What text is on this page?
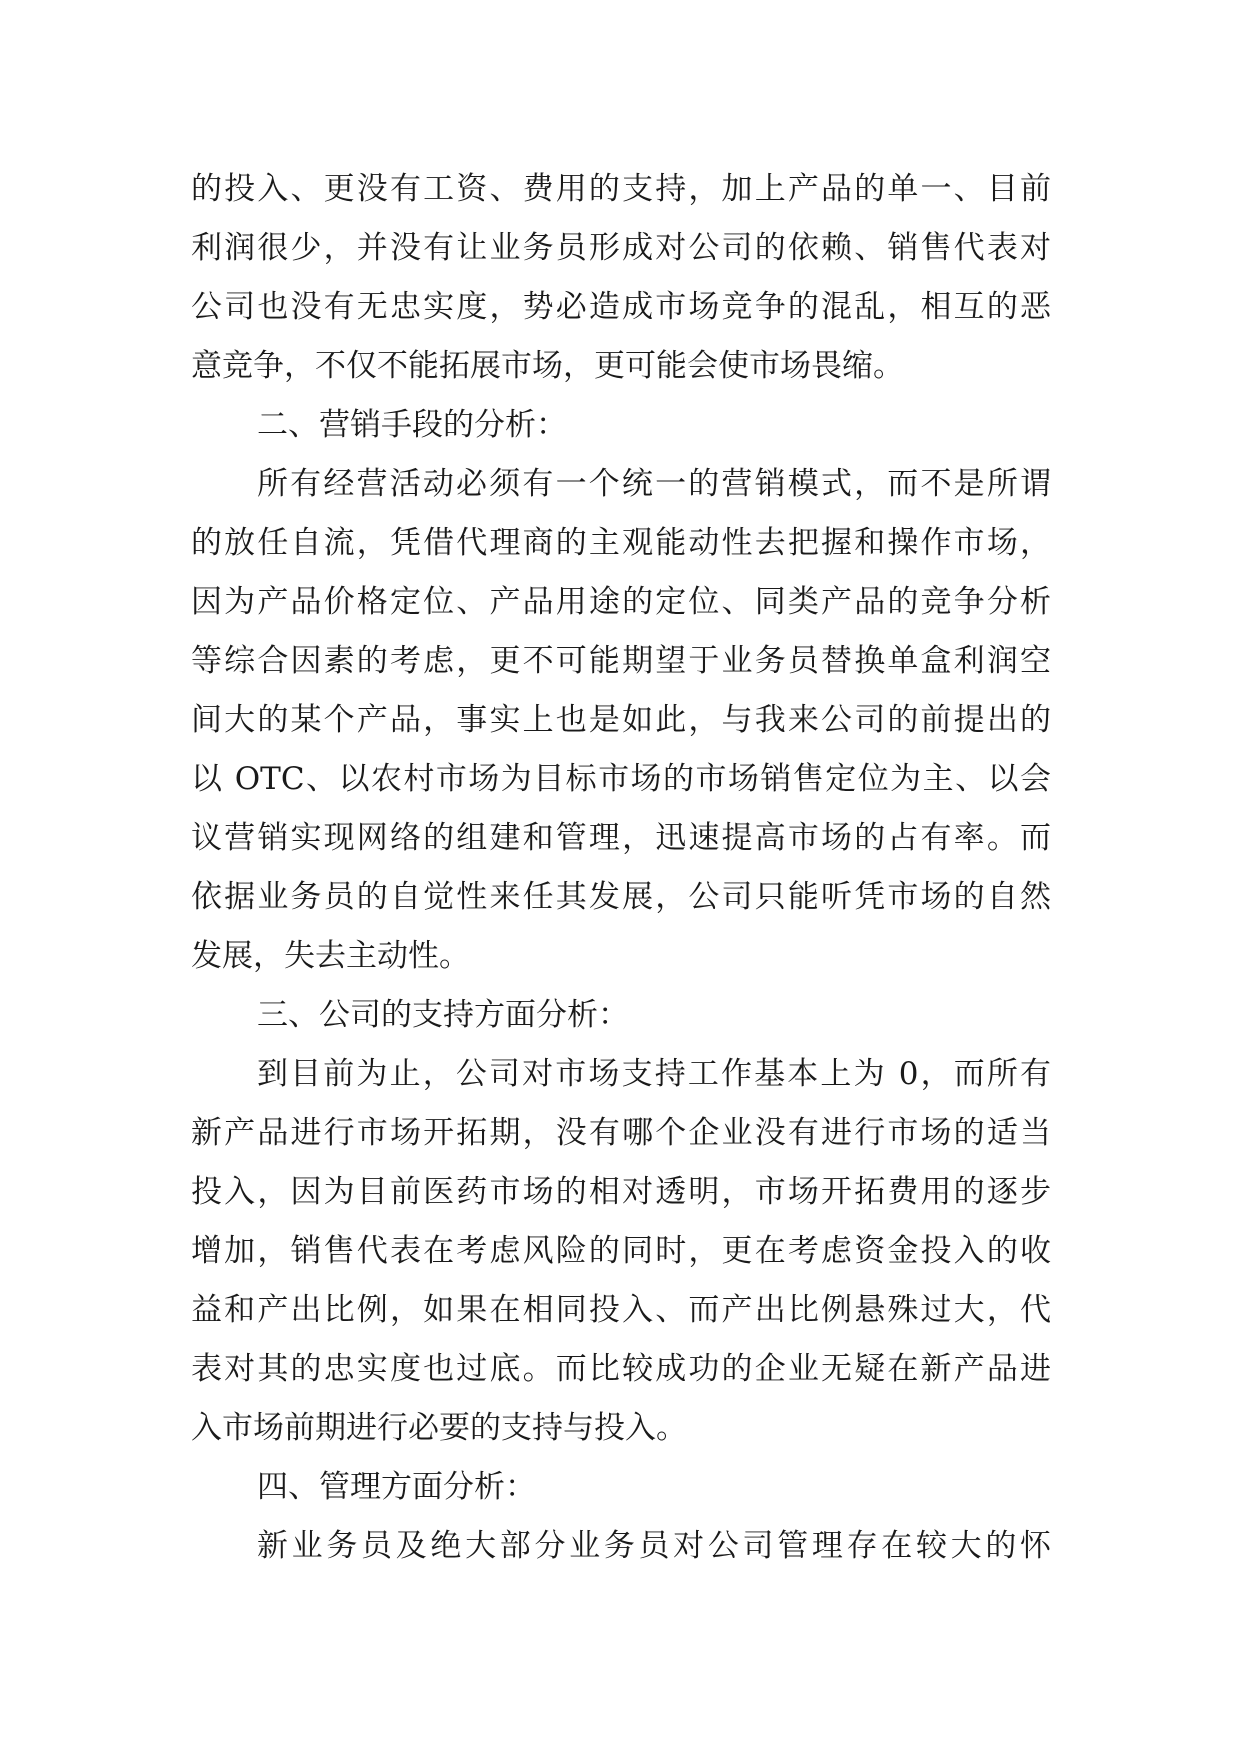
的投入、更没有工资、费用的支持，加上产品的单一、目前
利润很少，并没有让业务员形成对公司的依赖、销售代表对
公司也没有无忠实度，势必造成市场竞争的混乱，相互的恶
意竞争，不仅不能拓展市场，更可能会使市场畏缩。
二、营销手段的分析：
所有经营活动必须有一个统一的营销模式，而不是所谓
的放任自流，凭借代理商的主观能动性去把握和操作市场，
因为产品价格定位、产品用途的定位、同类产品的竞争分析
等综合因素的考虑，更不可能期望于业务员替换单盒利润空
间大的某个产品，事实上也是如此，与我来公司的前提出的
以 OTC、以农村市场为目标市场的市场销售定位为主、以会
议营销实现网络的组建和管理，迅速提高市场的占有率。而
依据业务员的自觉性来任其发展，公司只能听凭市场的自然
发展，失去主动性。
三、公司的支持方面分析：
到目前为止，公司对市场支持工作基本上为 0，而所有
新产品进行市场开拓期，没有哪个企业没有进行市场的适当
投入，因为目前医药市场的相对透明，市场开拓费用的逐步
增加，销售代表在考虑风险的同时，更在考虑资金投入的收
益和产出比例，如果在相同投入、而产出比例悬殊过大，代
表对其的忠实度也过底。而比较成功的企业无疑在新产品进
入市场前期进行必要的支持与投入。
四、管理方面分析：
新业务员及绝大部分业务员对公司管理存在较大的怀
